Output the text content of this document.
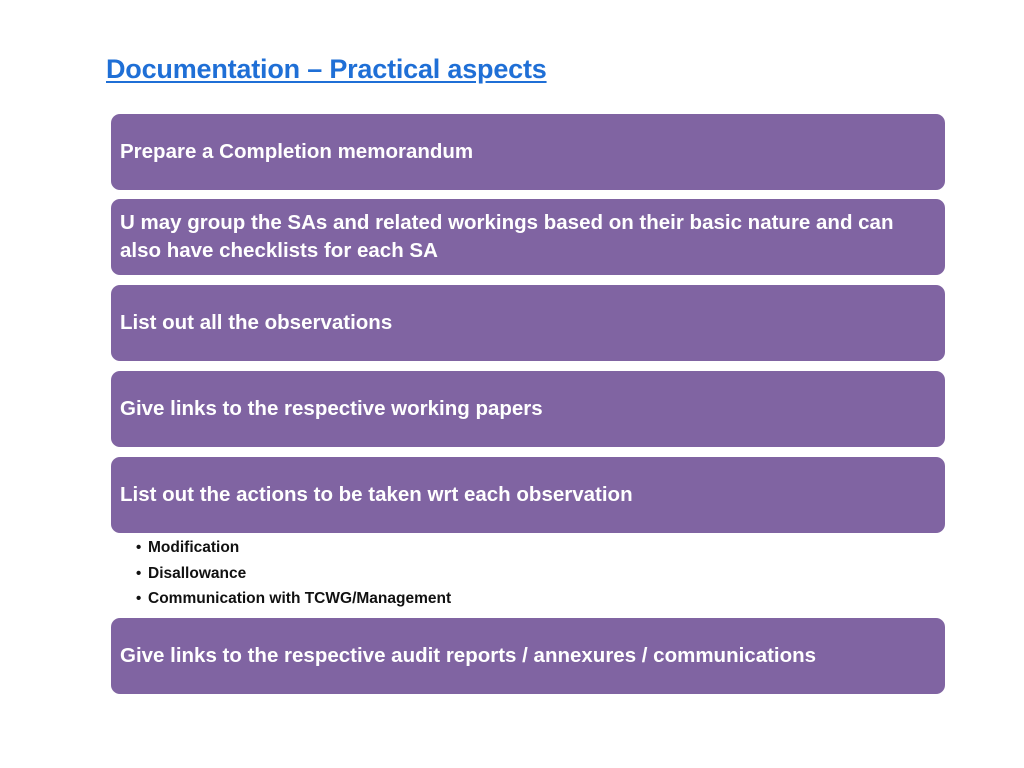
Documentation – Practical aspects
Prepare a Completion memorandum
U may group the SAs and related workings based on their basic nature and can also have checklists for each SA
List out all the observations
Give links to the respective working papers
List out the actions to be taken wrt each observation
• Modification
• Disallowance
• Communication with TCWG/Management
Give links to the respective audit reports / annexures / communications
